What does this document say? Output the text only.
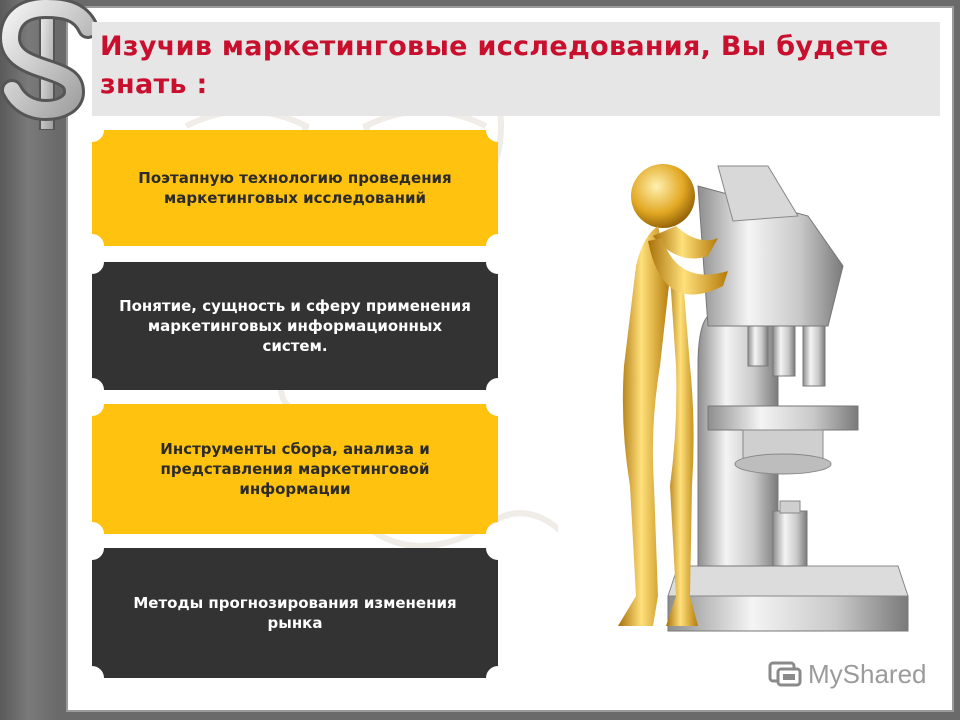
Изучив маркетинговые исследования, Вы будете знать :
Поэтапную технологию проведения маркетинговых исследований
Понятие, сущность и сферу применения маркетинговых информационных систем.
Инструменты сбора, анализа и представления маркетинговой информации
Методы прогнозирования изменения рынка
MyShared
